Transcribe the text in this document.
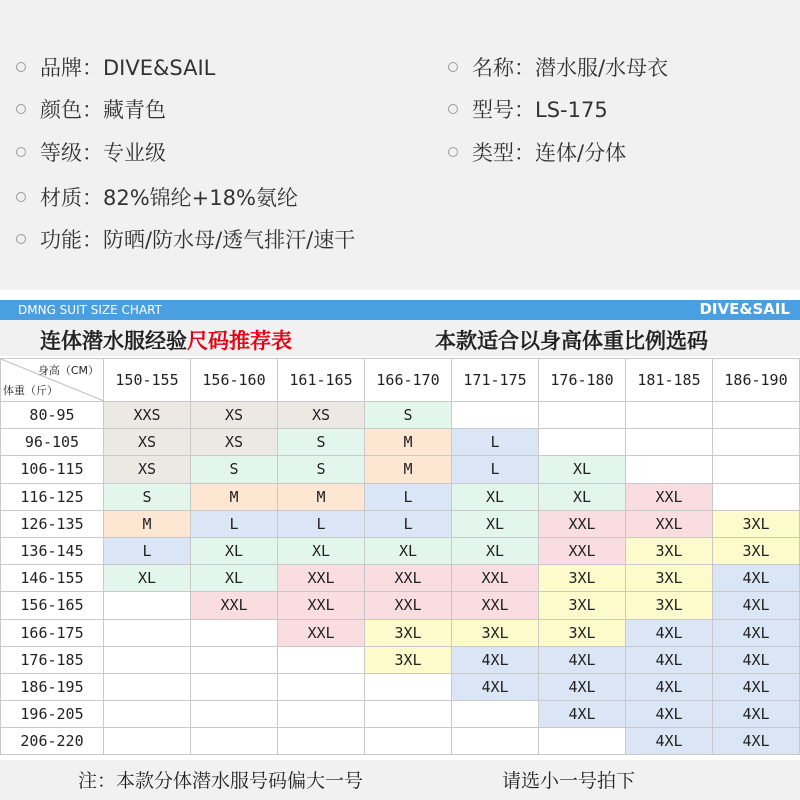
品牌：DIVE&SAIL	名称：潜水服/水母衣
颜色：藏青色	型号：LS-175
等级：专业级	类型：连体/分体
材质：82%锦纶+18%氨纶
功能：防晒/防水母/透气排汗/速干
DMNG SUIT SIZE CHART	DIVE&SAIL
连体潜水服经验尺码推荐表	本款适合以身高体重比例选码
身高（CM）
体重（斤）	150-155	156-160	161-165	166-170	171-175	176-180	181-185	186-190
80-95	XXS	XS	XS	S				
96-105	XS	XS	S	M	L			
106-115	XS	S	S	M	L	XL		
116-125	S	M	M	L	XL	XL	XXL	
126-135	M	L	L	L	XL	XXL	XXL	3XL
136-145	L	XL	XL	XL	XL	XXL	3XL	3XL
146-155	XL	XL	XXL	XXL	XXL	3XL	3XL	4XL
156-165		XXL	XXL	XXL	XXL	3XL	3XL	4XL
166-175			XXL	3XL	3XL	3XL	4XL	4XL
176-185				3XL	4XL	4XL	4XL	4XL
186-195					4XL	4XL	4XL	4XL
196-205						4XL	4XL	4XL
206-220							4XL	4XL
注：本款分体潜水服号码偏大一号	请选小一号拍下
